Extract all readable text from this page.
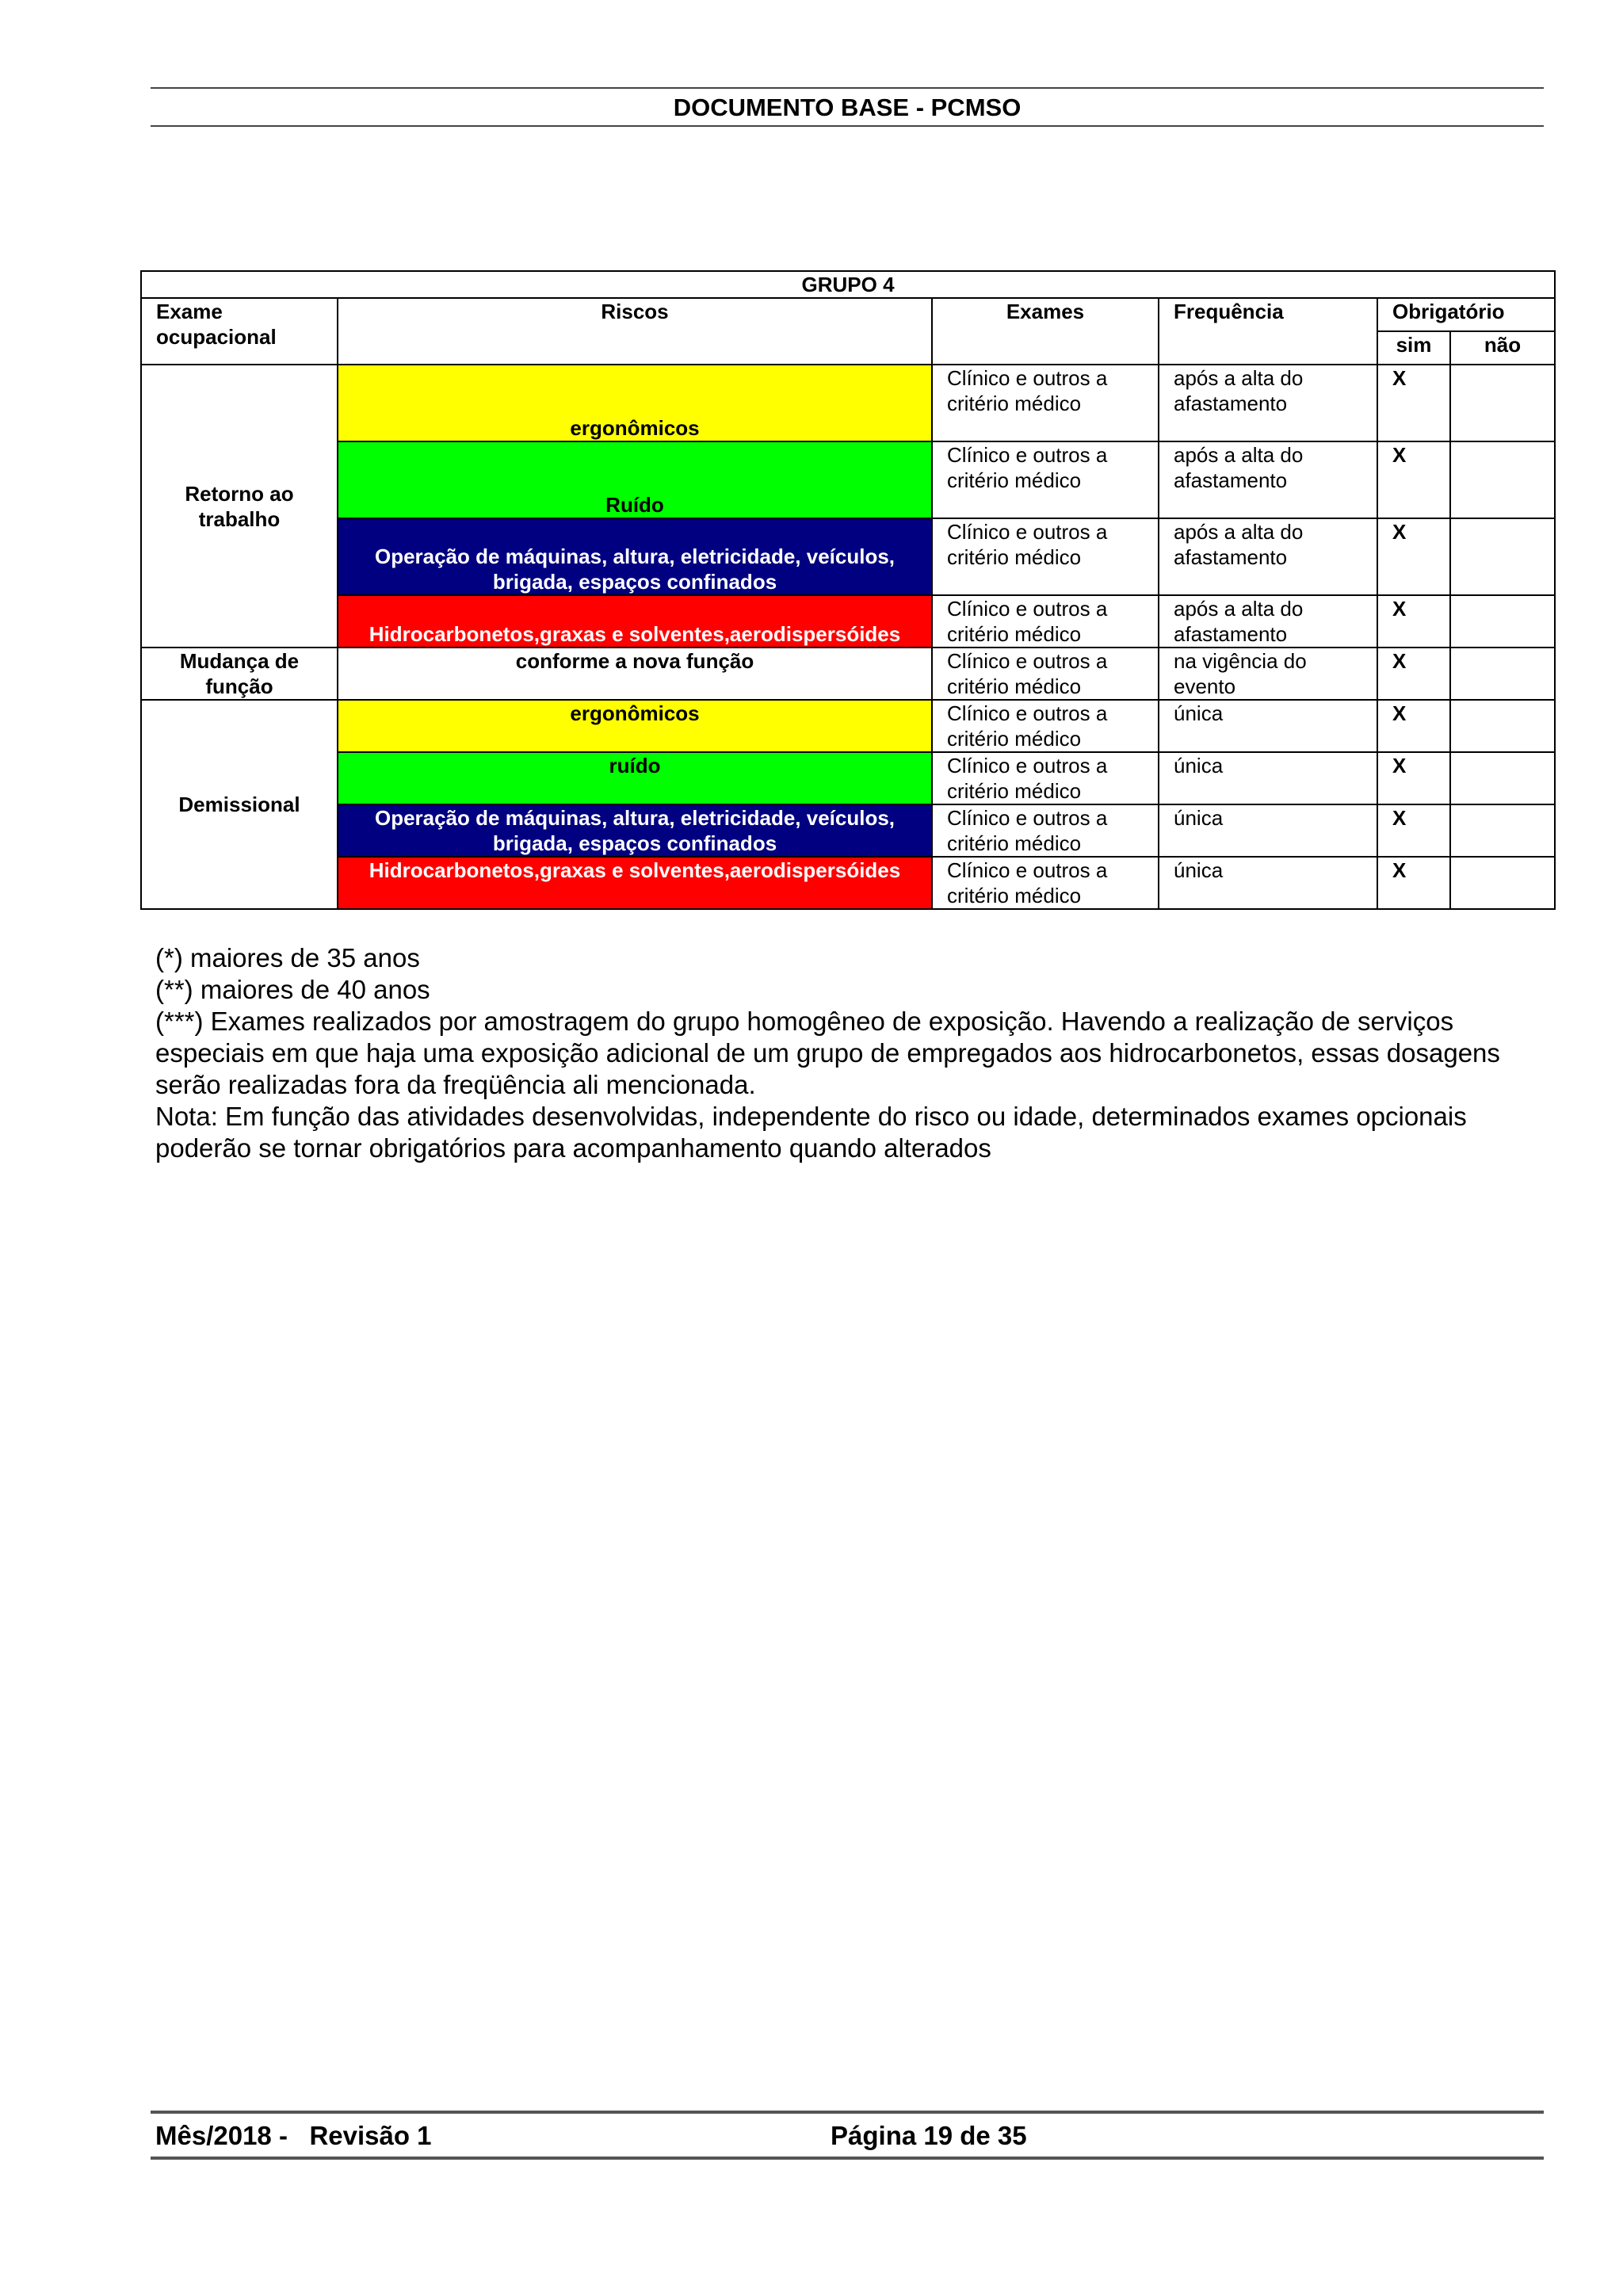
DOCUMENTO BASE - PCMSO
GRUPO 4					
Exame ocupacional	Riscos	Exames	Frequência	Obrigatório	
				sim	não
Retorno ao trabalho	ergonômicos	Clínico e outros a critério médico	após a alta do afastamento	X	
	Ruído	Clínico e outros a critério médico	após a alta do afastamento	X	
	Operação de máquinas, altura, eletricidade, veículos, brigada, espaços confinados	Clínico e outros a critério médico	após a alta do afastamento	X	
	Hidrocarbonetos,graxas e solventes,aerodispersóides	Clínico e outros a critério médico	após a alta do afastamento	X	
Mudança de função	conforme a nova função	Clínico e outros a critério médico	na vigência do evento	X	
Demissional	ergonômicos	Clínico e outros a critério médico	única	X	
	ruído	Clínico e outros a critério médico	única	X	
	Operação de máquinas, altura, eletricidade, veículos, brigada, espaços confinados	Clínico e outros a critério médico	única	X	
	Hidrocarbonetos,graxas e solventes,aerodispersóides	Clínico e outros a critério médico	única	X	
(*) maiores de 35 anos
(**) maiores de 40 anos
(***) Exames realizados por amostragem do grupo homogêneo de exposição. Havendo a realização de serviços especiais em que haja uma exposição adicional de um grupo de empregados aos hidrocarbonetos, essas dosagens serão realizadas fora da freqüência ali mencionada.
Nota: Em função das atividades desenvolvidas, independente do risco ou idade, determinados exames opcionais poderão se tornar obrigatórios para acompanhamento quando alterados
Mês/2018 -   Revisão 1	Página 19 de 35
